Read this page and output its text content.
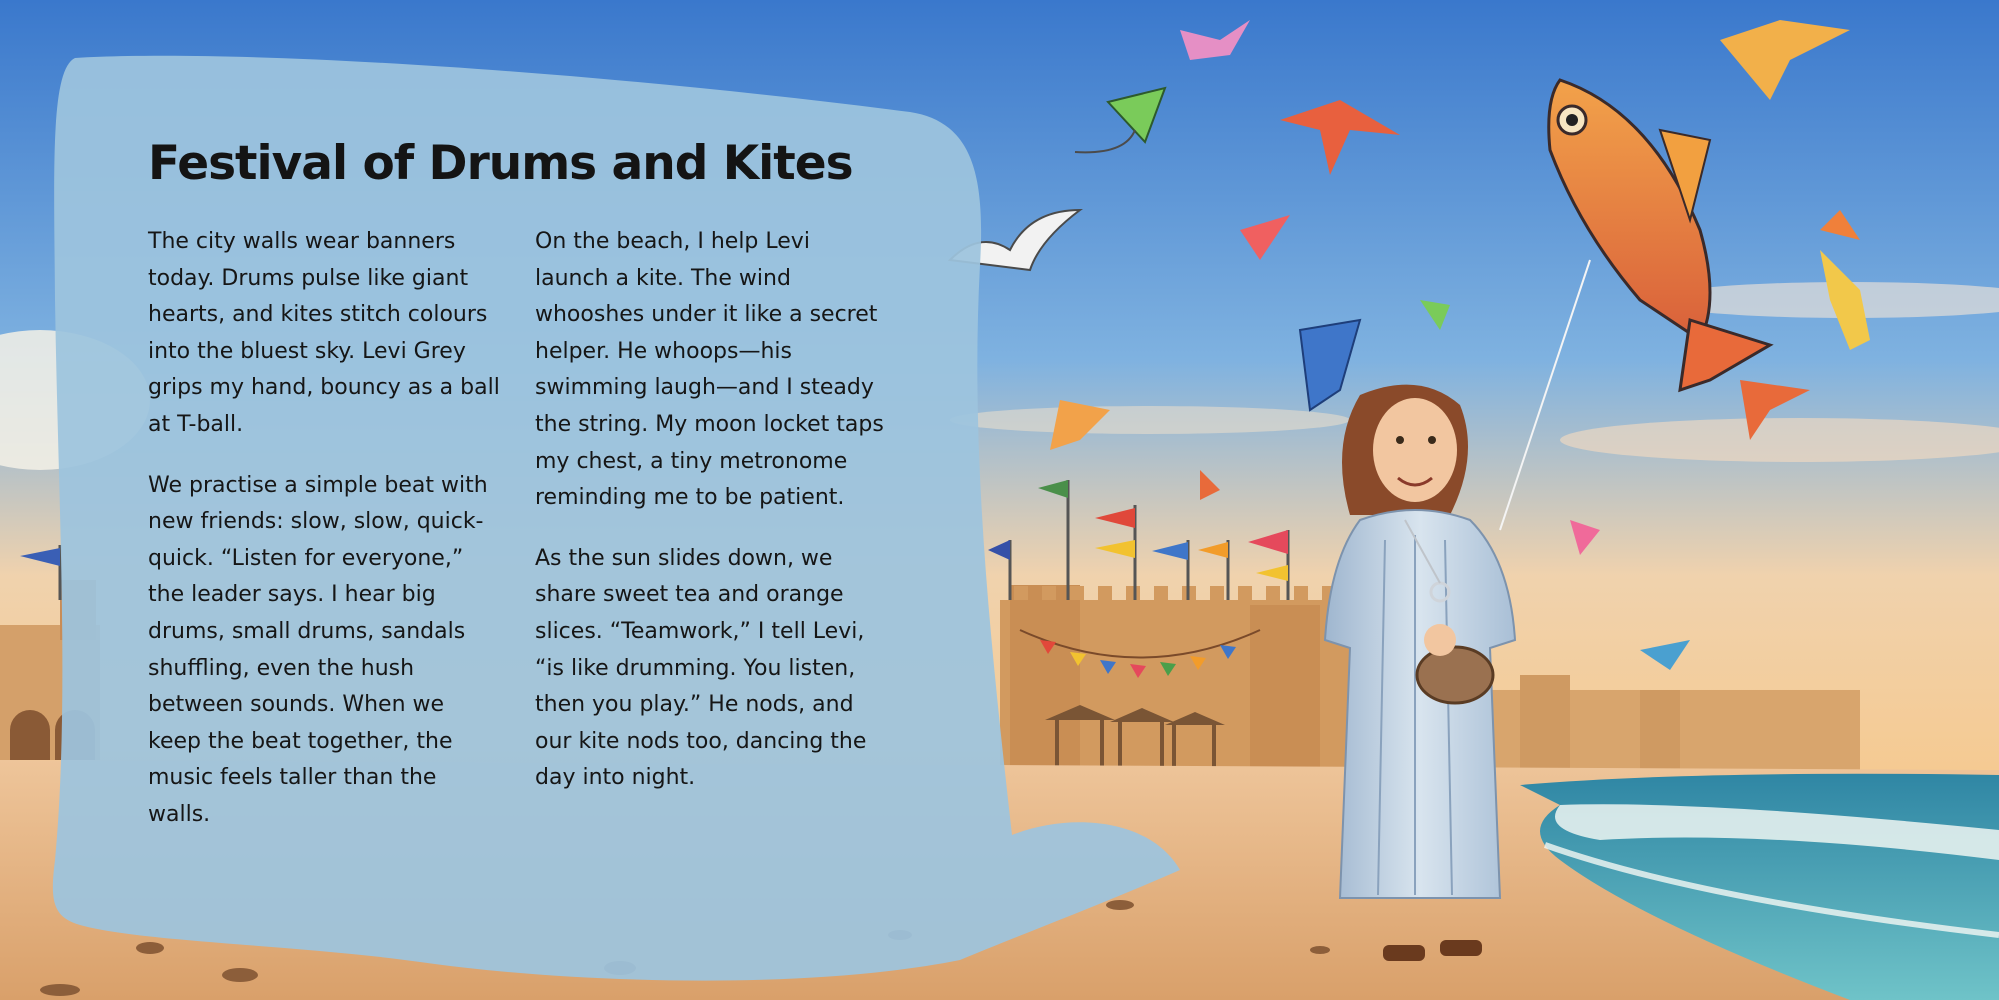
Festival of Drums and Kites

The city walls wear banners today. Drums pulse like giant hearts, and kites stitch colours into the bluest sky. Levi Grey grips my hand, bouncy as a ball at T-ball.

We practise a simple beat with new friends: slow, slow, quick-quick. “Listen for everyone,” the leader says. I hear big drums, small drums, sandals shuffling, even the hush between sounds. When we keep the beat together, the music feels taller than the walls.

On the beach, I help Levi launch a kite. The wind whooshes under it like a secret helper. He whoops—his swimming laugh—and I steady the string. My moon locket taps my chest, a tiny metronome reminding me to be patient.

As the sun slides down, we share sweet tea and orange slices. “Teamwork,” I tell Levi, “is like drumming. You listen, then you play.” He nods, and our kite nods too, dancing the day into night.
